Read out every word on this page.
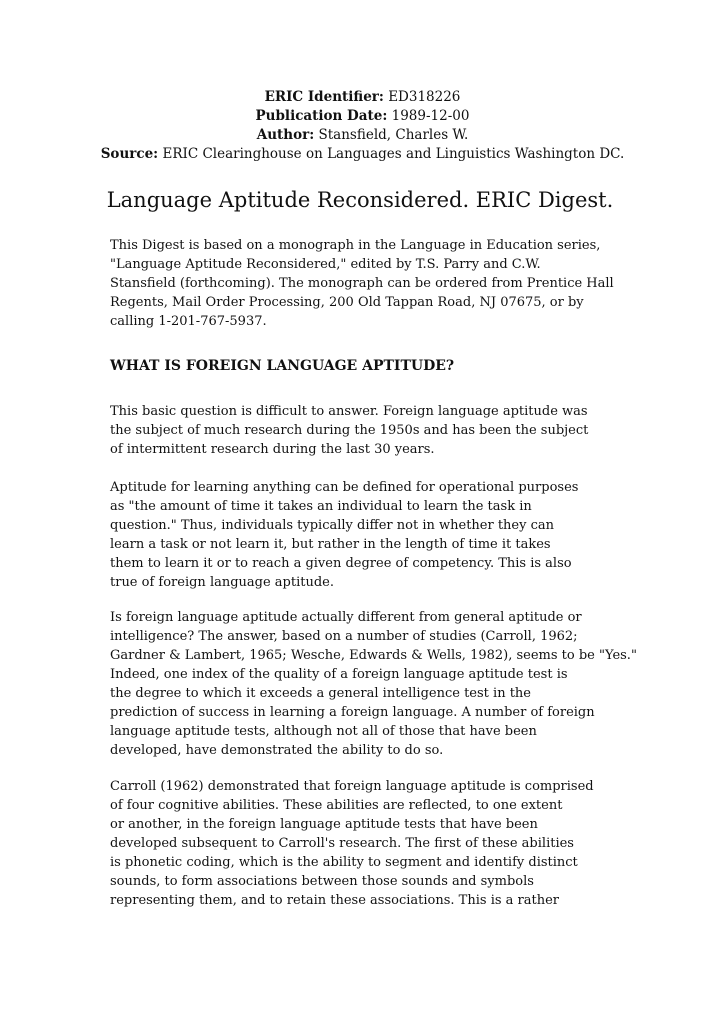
ERIC Identifier: ED318226
Publication Date: 1989-12-00
Author: Stansfield, Charles W.
Source: ERIC Clearinghouse on Languages and Linguistics Washington DC.
Language Aptitude Reconsidered. ERIC Digest.

This Digest is based on a monograph in the Language in Education series,
"Language Aptitude Reconsidered," edited by T.S. Parry and C.W.
Stansfield (forthcoming). The monograph can be ordered from Prentice Hall
Regents, Mail Order Processing, 200 Old Tappan Road, NJ 07675, or by
calling 1-201-767-5937.

WHAT IS FOREIGN LANGUAGE APTITUDE?

This basic question is difficult to answer. Foreign language aptitude was
the subject of much research during the 1950s and has been the subject
of intermittent research during the last 30 years.

Aptitude for learning anything can be defined for operational purposes
as "the amount of time it takes an individual to learn the task in
question." Thus, individuals typically differ not in whether they can
learn a task or not learn it, but rather in the length of time it takes
them to learn it or to reach a given degree of competency. This is also
true of foreign language aptitude.

Is foreign language aptitude actually different from general aptitude or
intelligence? The answer, based on a number of studies (Carroll, 1962;
Gardner & Lambert, 1965; Wesche, Edwards & Wells, 1982), seems to be "Yes."
Indeed, one index of the quality of a foreign language aptitude test is
the degree to which it exceeds a general intelligence test in the
prediction of success in learning a foreign language. A number of foreign
language aptitude tests, although not all of those that have been
developed, have demonstrated the ability to do so.

Carroll (1962) demonstrated that foreign language aptitude is comprised
of four cognitive abilities. These abilities are reflected, to one extent
or another, in the foreign language aptitude tests that have been
developed subsequent to Carroll's research. The first of these abilities
is phonetic coding, which is the ability to segment and identify distinct
sounds, to form associations between those sounds and symbols
representing them, and to retain these associations. This is a rather
